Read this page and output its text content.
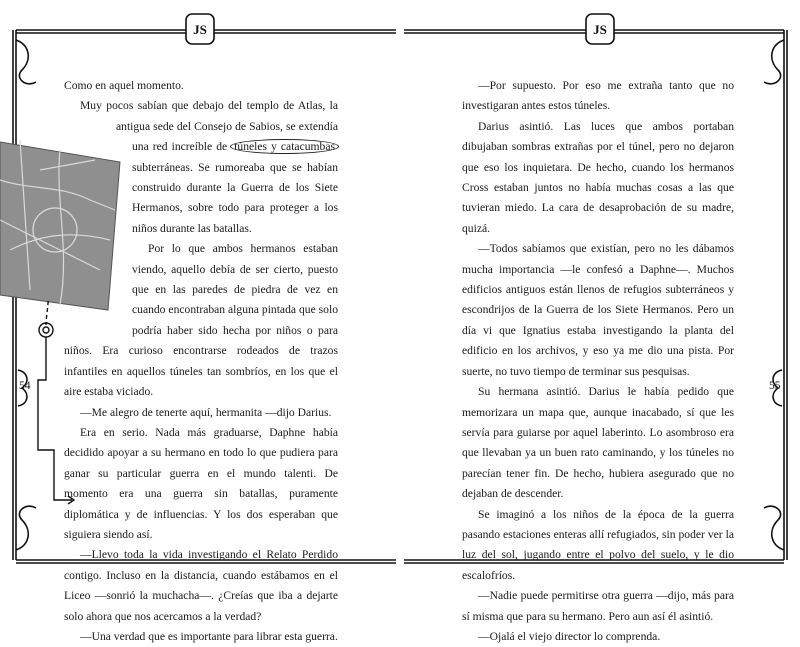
JS	JS
54	55

Como en aquel momento.

Muy pocos sabían que debajo del templo de Atlas, la antigua sede del Consejo de Sabios, se extendía una red increíble de túneles y catacumbas subterráneas. Se rumoreaba que se habían construido durante la Guerra de los Siete Hermanos, sobre todo para proteger a los niños durante las batallas.

Por lo que ambos hermanos estaban viendo, aquello debía de ser cierto, puesto que en las paredes de piedra de vez en cuando encontraban alguna pintada que solo podría haber sido hecha por niños o para niños. Era curioso encontrarse rodeados de trazos infantiles en aquellos túneles tan sombríos, en los que el aire estaba viciado.

—Me alegro de tenerte aquí, hermanita —dijo Darius.

Era en serio. Nada más graduarse, Daphne había decidido apoyar a su hermano en todo lo que pudiera para ganar su particular guerra en el mundo talenti. De momento era una guerra sin batallas, puramente diplomática y de influencias. Y los dos esperaban que siguiera siendo así.

—Llevo toda la vida investigando el Relato Perdido contigo. Incluso en la distancia, cuando estábamos en el Liceo —sonrió la muchacha—. ¿Creías que iba a dejarte solo ahora que nos acercamos a la verdad?

—Una verdad que es importante para librar esta guerra.

—Por supuesto. Por eso me extraña tanto que no investigaran antes estos túneles.

Darius asintió. Las luces que ambos portaban dibujaban sombras extrañas por el túnel, pero no dejaron que eso los inquietara. De hecho, cuando los hermanos Cross estaban juntos no había muchas cosas a las que tuvieran miedo. La cara de desaprobación de su madre, quizá.

—Todos sabíamos que existían, pero no les dábamos mucha importancia —le confesó a Daphne—. Muchos edificios antiguos están llenos de refugios subterráneos y escondrijos de la Guerra de los Siete Hermanos. Pero un día vi que Ignatius estaba investigando la planta del edificio en los archivos, y eso ya me dio una pista. Por suerte, no tuvo tiempo de terminar sus pesquisas.

Su hermana asintió. Darius le había pedido que memorizara un mapa que, aunque inacabado, sí que les servía para guiarse por aquel laberinto. Lo asombroso era que llevaban ya un buen rato caminando, y los túneles no parecían tener fin. De hecho, hubiera asegurado que no dejaban de descender.

Se imaginó a los niños de la época de la guerra pasando estaciones enteras allí refugiados, sin poder ver la luz del sol, jugando entre el polvo del suelo, y le dio escalofríos.

—Nadie puede permitirse otra guerra —dijo, más para sí misma que para su hermano. Pero aun así él asintió.

—Ojalá el viejo director lo comprenda.
